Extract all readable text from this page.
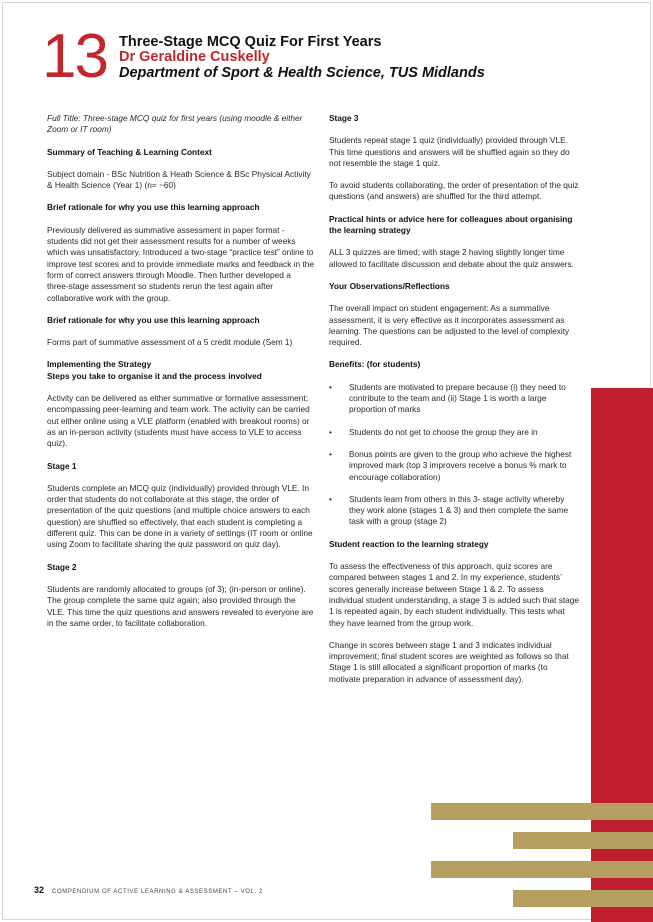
13 Three-Stage MCQ Quiz For First Years
Dr Geraldine Cuskelly
Department of Sport & Health Science, TUS Midlands

Full Title: Three-stage MCQ quiz for first years (using moodle & either Zoom or IT room)

Summary of Teaching & Learning Context

Subject domain - BSc Nutrition & Heath Science & BSc Physical Activity & Health Science (Year 1) (n= ~60)

Brief rationale for why you use this learning approach

Previously delivered as summative assessment in paper format - students did not get their assessment results for a number of weeks which was unsatisfactory. Introduced a two-stage “practice test” online to improve test scores and to provide immediate marks and feedback in the form of correct answers through Moodle. Then further developed a three-stage assessment so students rerun the test again after collaborative work with the group.

Brief rationale for why you use this learning approach

Forms part of summative assessment of a 5 credit module (Sem 1)

Implementing the Strategy
Steps you take to organise it and the process involved

Activity can be delivered as either summative or formative assessment; encompassing peer-learning and team work. The activity can be carried out either online using a VLE platform (enabled with breakout rooms) or as an in-person activity (students must have access to VLE to access quiz).

Stage 1

Students complete an MCQ quiz (individually) provided through VLE. In order that students do not collaborate at this stage, the order of presentation of the quiz questions (and multiple choice answers to each question) are shuffled so effectively, that each student is completing a different quiz. This can be done in a variety of settings (IT room or online using Zoom to facilitate sharing the quiz password on quiz day).

Stage 2

Students are randomly allocated to groups (of 3); (in-person or online). The group complete the same quiz again; also provided through the VLE. This time the quiz questions and answers revealed to everyone are in the same order, to facilitate collaboration.

Stage 3

Students repeat stage 1 quiz (individually) provided through VLE. This time questions and answers will be shuffled again so they do not resemble the stage 1 quiz.

To avoid students collaborating, the order of presentation of the quiz questions (and answers) are shuffled for the third attempt.

Practical hints or advice here for colleagues about organising the learning strategy

ALL 3 quizzes are timed; with stage 2 having slightly longer time allowed to facilitate discussion and debate about the quiz answers.

Your Observations/Reflections

The overall impact on student engagement: As a summative assessment, it is very effective as it incorporates assessment as learning. The questions can be adjusted to the level of complexity required.

Benefits: (for students)
• Students are motivated to prepare because (i) they need to contribute to the team and (ii) Stage 1 is worth a large proportion of marks
• Students do not get to choose the group they are in
• Bonus points are given to the group who achieve the highest improved mark (top 3 improvers receive a bonus % mark to encourage collaboration)
• Students learn from others in this 3- stage activity whereby they work alone (stages 1 & 3) and then complete the same task with a group (stage 2)
Student reaction to the learning strategy

To assess the effectiveness of this approach, quiz scores are compared between stages 1 and 2. In my experience, students’ scores generally increase between Stage 1 & 2. To assess individual student understanding, a stage 3 is added such that stage 1 is repeated again, by each student individually. This tests what they have learned from the group work.

Change in scores between stage 1 and 3 indicates individual improvement; final student scores are weighted as follows so that Stage 1 is still allocated a significant proportion of marks (to motivate preparation in advance of assessment day).

32 COMPENDIUM OF ACTIVE LEARNING & ASSESSMENT – VOL. 2
